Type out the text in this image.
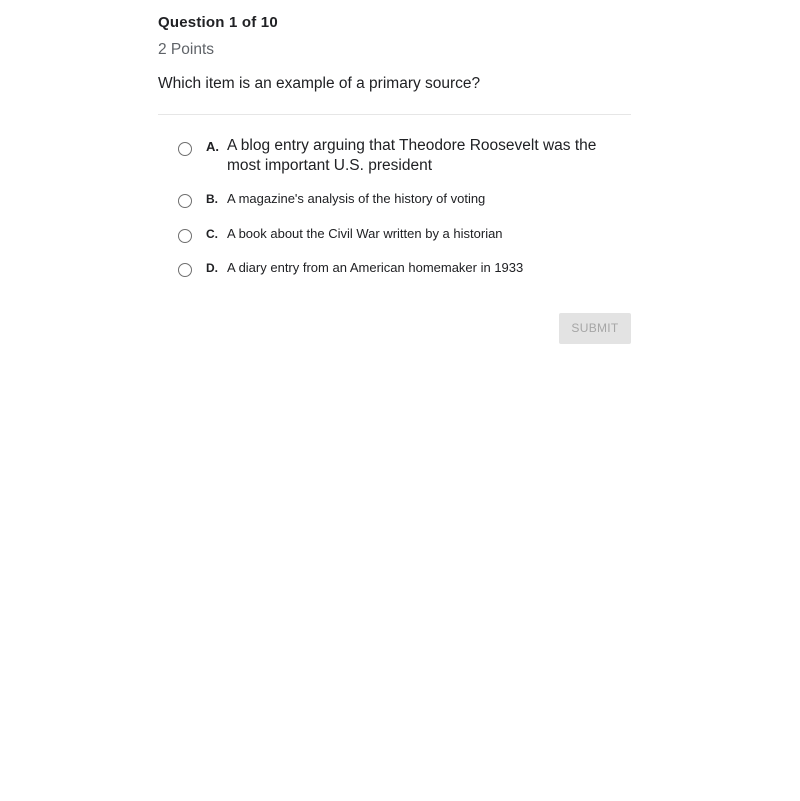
Question 1 of 10
2 Points
Which item is an example of a primary source?
A. A blog entry arguing that Theodore Roosevelt was the most important U.S. president
B. A magazine's analysis of the history of voting
C. A book about the Civil War written by a historian
D. A diary entry from an American homemaker in 1933
SUBMIT
